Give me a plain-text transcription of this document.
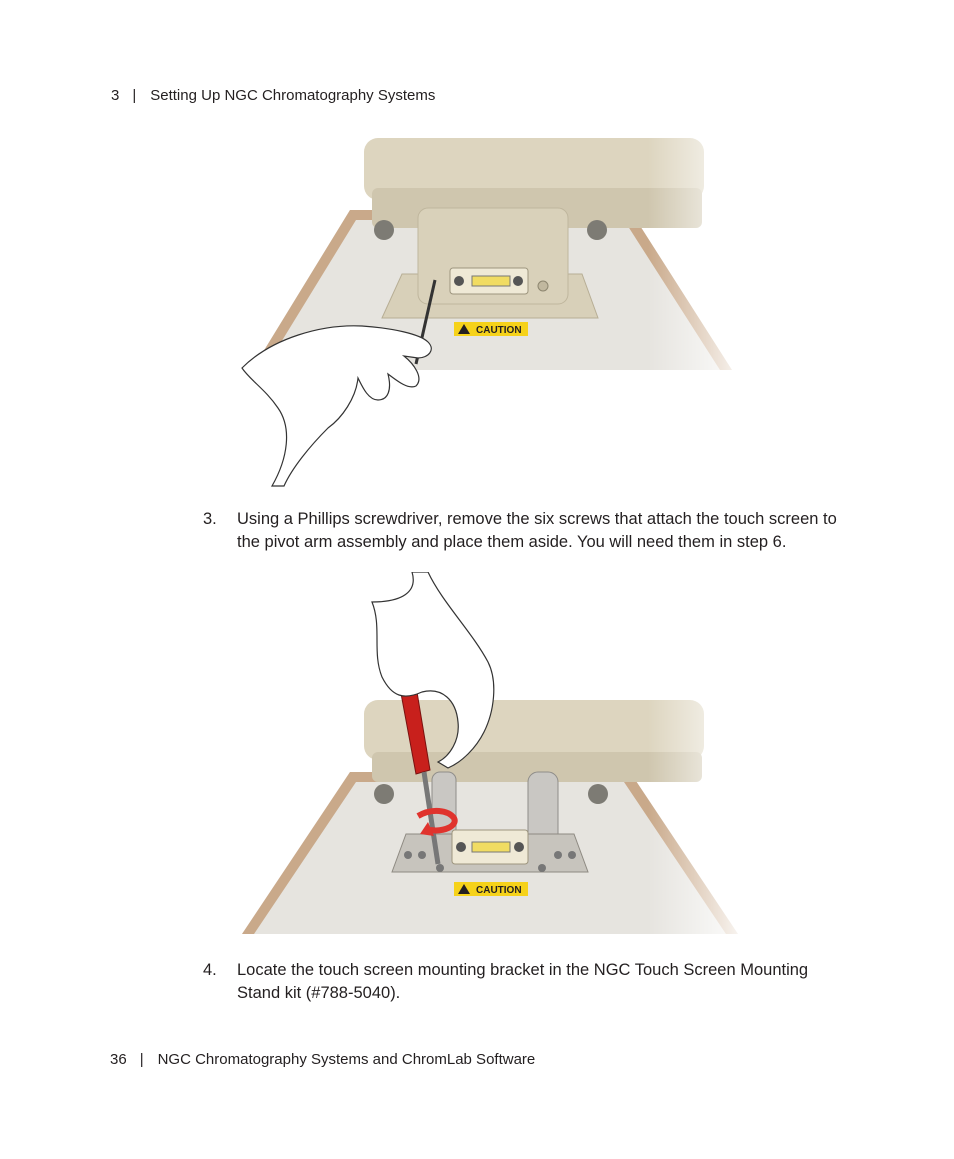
3 | Setting Up NGC Chromatography Systems
3.	Using a Phillips screwdriver, remove the six screws that attach the touch screen to the pivot arm assembly and place them aside. You will need them in step 6.
4.	Locate the touch screen mounting bracket in the NGC Touch Screen Mounting Stand kit (#788-5040).
36 | NGC Chromatography Systems and ChromLab Software
